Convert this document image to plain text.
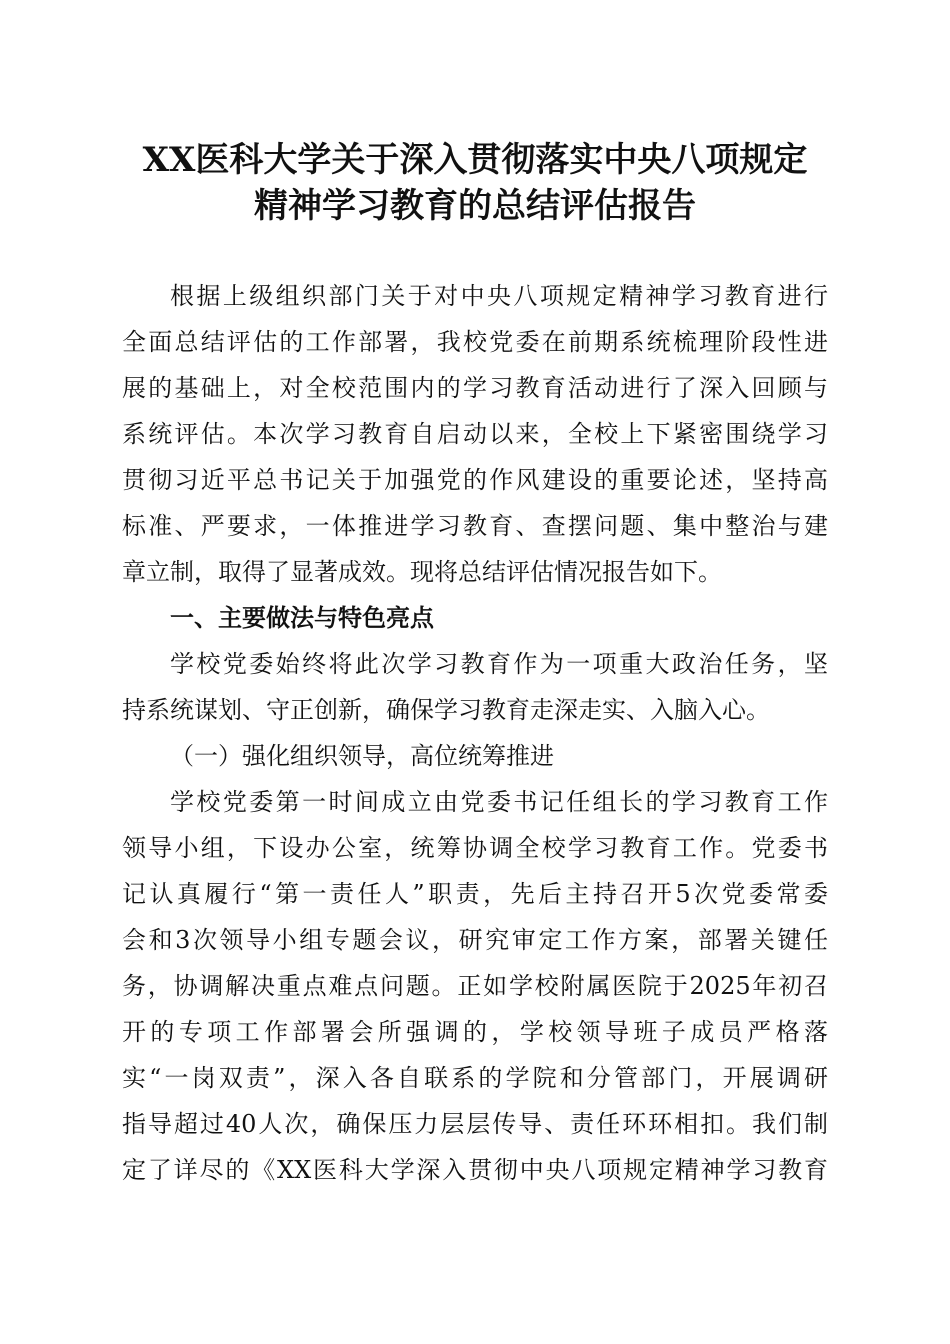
XX医科大学关于深入贯彻落实中央八项规定
精神学习教育的总结评估报告
根据上级组织部门关于对中央八项规定精神学习教育进行
全面总结评估的工作部署，我校党委在前期系统梳理阶段性进
展的基础上，对全校范围内的学习教育活动进行了深入回顾与
系统评估。本次学习教育自启动以来，全校上下紧密围绕学习
贯彻习近平总书记关于加强党的作风建设的重要论述，坚持高
标准、严要求，一体推进学习教育、查摆问题、集中整治与建
章立制，取得了显著成效。现将总结评估情况报告如下。
一、主要做法与特色亮点
学校党委始终将此次学习教育作为一项重大政治任务，坚
持系统谋划、守正创新，确保学习教育走深走实、入脑入心。
（一）强化组织领导，高位统筹推进
学校党委第一时间成立由党委书记任组长的学习教育工作
领导小组，下设办公室，统筹协调全校学习教育工作。党委书
记认真履行“第一责任人”职责，先后主持召开5次党委常委
会和3次领导小组专题会议，研究审定工作方案，部署关键任
务，协调解决重点难点问题。正如学校附属医院于2025年初召
开的专项工作部署会所强调的，学校领导班子成员严格落
实“一岗双责”，深入各自联系的学院和分管部门，开展调研
指导超过40人次，确保压力层层传导、责任环环相扣。我们制
定了详尽的《XX医科大学深入贯彻中央八项规定精神学习教育
